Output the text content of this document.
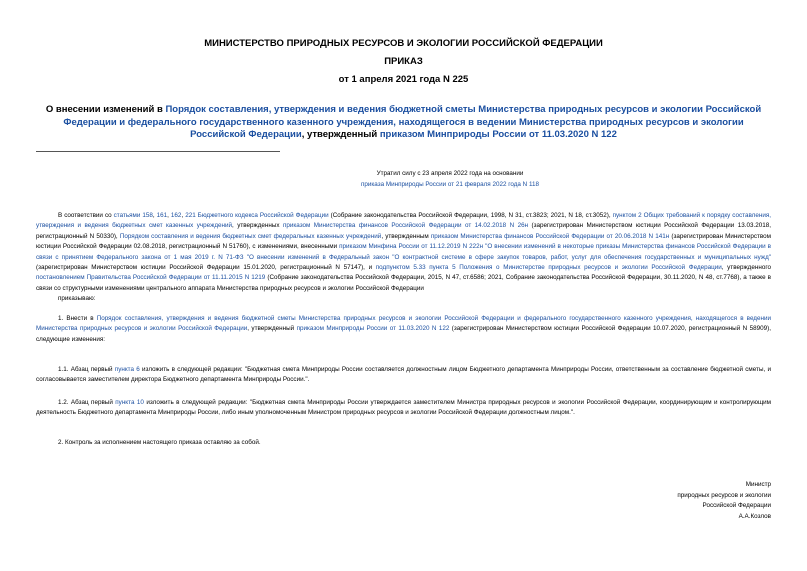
МИНИСТЕРСТВО ПРИРОДНЫХ РЕСУРСОВ И ЭКОЛОГИИ РОССИЙСКОЙ ФЕДЕРАЦИИ
ПРИКАЗ
от 1 апреля 2021 года N 225
О внесении изменений в Порядок составления, утверждения и ведения бюджетной сметы Министерства природных ресурсов и экологии Российской Федерации и федерального государственного казенного учреждения, находящегося в ведении Министерства природных ресурсов и экологии Российской Федерации, утвержденный приказом Минприроды России от 11.03.2020 N 122
Утратил силу с 23 апреля 2022 года на основании
приказа Минприроды России от 21 февраля 2022 года N 118

В соответствии со статьями 158, 161, 162, 221 Бюджетного кодекса Российской Федерации (Собрание законодательства Российской Федерации, 1998, N 31, ст.3823; 2021, N 18, ст.3052), пунктом 2 Общих требований к порядку составления, утверждения и ведения бюджетных смет казенных учреждений, утвержденных приказом Министерства финансов Российской Федерации от 14.02.2018 N 26н (зарегистрирован Министерством юстиции Российской Федерации 13.03.2018, регистрационный N 50330), Порядком составления и ведения бюджетных смет федеральных казенных учреждений, утвержденным приказом Министерства финансов Российской Федерации от 20.06.2018 N 141н (зарегистрирован Министерством юстиции Российской Федерации 02.08.2018, регистрационный N 51760), с изменениями, внесенными приказом Минфина России от 11.12.2019 N 222н "О внесении изменений в некоторые приказы Министерства финансов Российской Федерации в связи с принятием Федерального закона от 1 мая 2019 г. N 71-ФЗ "О внесении изменений в Федеральный закон "О контрактной системе в сфере закупок товаров, работ, услуг для обеспечения государственных и муниципальных нужд" (зарегистрирован Министерством юстиции Российской Федерации 15.01.2020, регистрационный N 57147), и подпунктом 5.33 пункта 5 Положения о Министерстве природных ресурсов и экологии Российской Федерации, утвержденного постановлением Правительства Российской Федерации от 11.11.2015 N 1219 (Собрание законодательства Российской Федерации, 2015, N 47, ст.6586; 2021, Собрание законодательства Российской Федерации, 30.11.2020, N 48, ст.7768), а также в связи со структурными изменениями центрального аппарата Министерства природных ресурсов и экологии Российской Федерации

приказываю:

1. Внести в Порядок составления, утверждения и ведения бюджетной сметы Министерства природных ресурсов и экологии Российской Федерации и федерального государственного казенного учреждения, находящегося в ведении Министерства природных ресурсов и экологии Российской Федерации, утвержденный приказом Минприроды России от 11.03.2020 N 122 (зарегистрирован Министерством юстиции Российской Федерации 10.07.2020, регистрационный N 58909), следующие изменения:

1.1. Абзац первый пункта 6 изложить в следующей редакции: "Бюджетная смета Минприроды России составляется должностным лицом Бюджетного департамента Минприроды России, ответственным за составление бюджетной сметы, и согласовывается заместителем директора Бюджетного департамента Минприроды России.".

1.2. Абзац первый пункта 10 изложить в следующей редакции: "Бюджетная смета Минприроды России утверждается заместителем Министра природных ресурсов и экологии Российской Федерации, координирующим и контролирующим деятельность Бюджетного департамента Минприроды России, либо иным уполномоченным Министром природных ресурсов и экологии Российской Федерации должностным лицом.".

2. Контроль за исполнением настоящего приказа оставляю за собой.

Министр
природных ресурсов и экологии
Российской Федерации
А.А.Козлов
